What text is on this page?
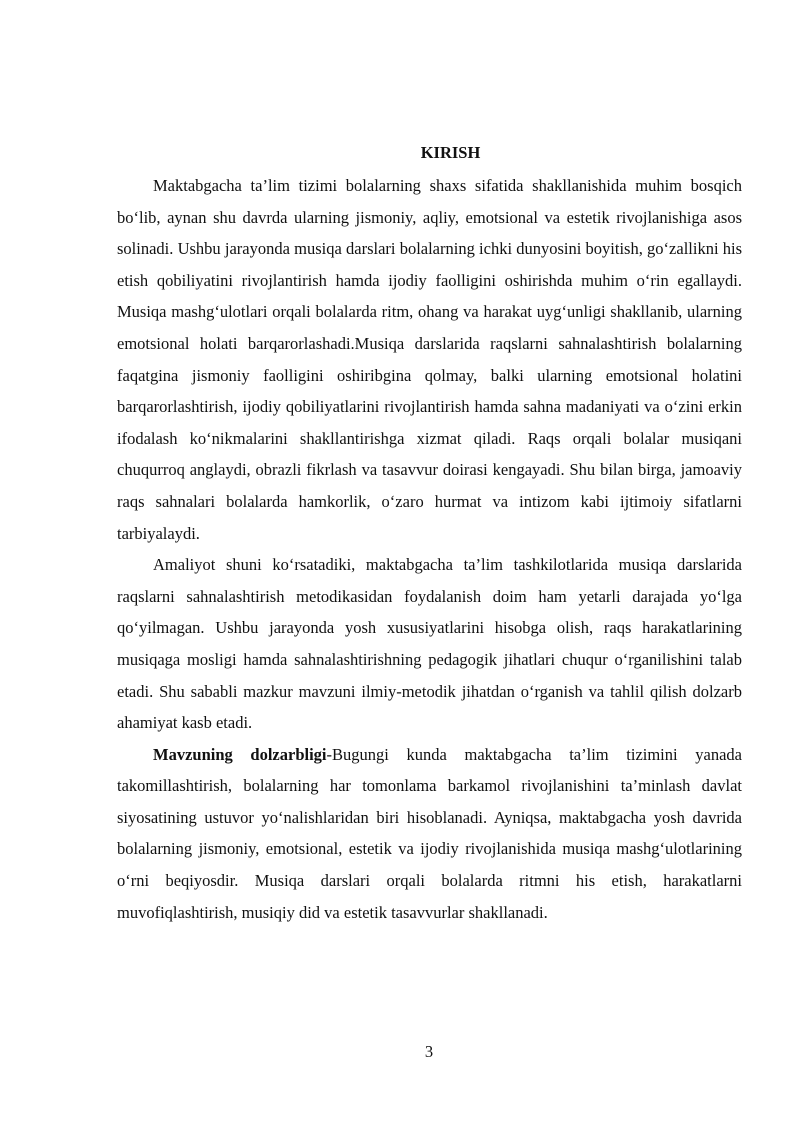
KIRISH

Maktabgacha ta’lim tizimi bolalarning shaxs sifatida shakllanishida muhim bosqich bo‘lib, aynan shu davrda ularning jismoniy, aqliy, emotsional va estetik rivojlanishiga asos solinadi. Ushbu jarayonda musiqa darslari bolalarning ichki dunyosini boyitish, go‘zallikni his etish qobiliyatini rivojlantirish hamda ijodiy faolligini oshirishda muhim o‘rin egallaydi. Musiqa mashg‘ulotlari orqali bolalarda ritm, ohang va harakat uyg‘unligi shakllanib, ularning emotsional holati barqarorlashadi.Musiqa darslarida raqslarni sahnalashtirish bolalarning faqatgina jismoniy faolligini oshiribgina qolmay, balki ularning emotsional holatini barqarorlashtirish, ijodiy qobiliyatlarini rivojlantirish hamda sahna madaniyati va o‘zini erkin ifodalash ko‘nikmalarini shakllantirishga xizmat qiladi. Raqs orqali bolalar musiqani chuqurroq anglaydi, obrazli fikrlash va tasavvur doirasi kengayadi. Shu bilan birga, jamoaviy raqs sahnalari bolalarda hamkorlik, o‘zaro hurmat va intizom kabi ijtimoiy sifatlarni tarbiyalaydi.

Amaliyot shuni ko‘rsatadiki, maktabgacha ta’lim tashkilotlarida musiqa darslarida raqslarni sahnalashtirish metodikasidan foydalanish doim ham yetarli darajada yo‘lga qo‘yilmagan. Ushbu jarayonda yosh xususiyatlarini hisobga olish, raqs harakatlarining musiqaga mosligi hamda sahnalashtirishning pedagogik jihatlari chuqur o‘rganilishini talab etadi. Shu sababli mazkur mavzuni ilmiy-metodik jihatdan o‘rganish va tahlil qilish dolzarb ahamiyat kasb etadi.

Mavzuning dolzarbligi-Bugungi kunda maktabgacha ta’lim tizimini yanada takomillashtirish, bolalarning har tomonlama barkamol rivojlanishini ta’minlash davlat siyosatining ustuvor yo‘nalishlaridan biri hisoblanadi. Ayniqsa, maktabgacha yosh davrida bolalarning jismoniy, emotsional, estetik va ijodiy rivojlanishida musiqa mashg‘ulotlarining o‘rni beqiyosdir. Musiqa darslari orqali bolalarda ritmni his etish, harakatlarni muvofiqlashtirish, musiqiy did va estetik tasavvurlar shakllanadi.

3
